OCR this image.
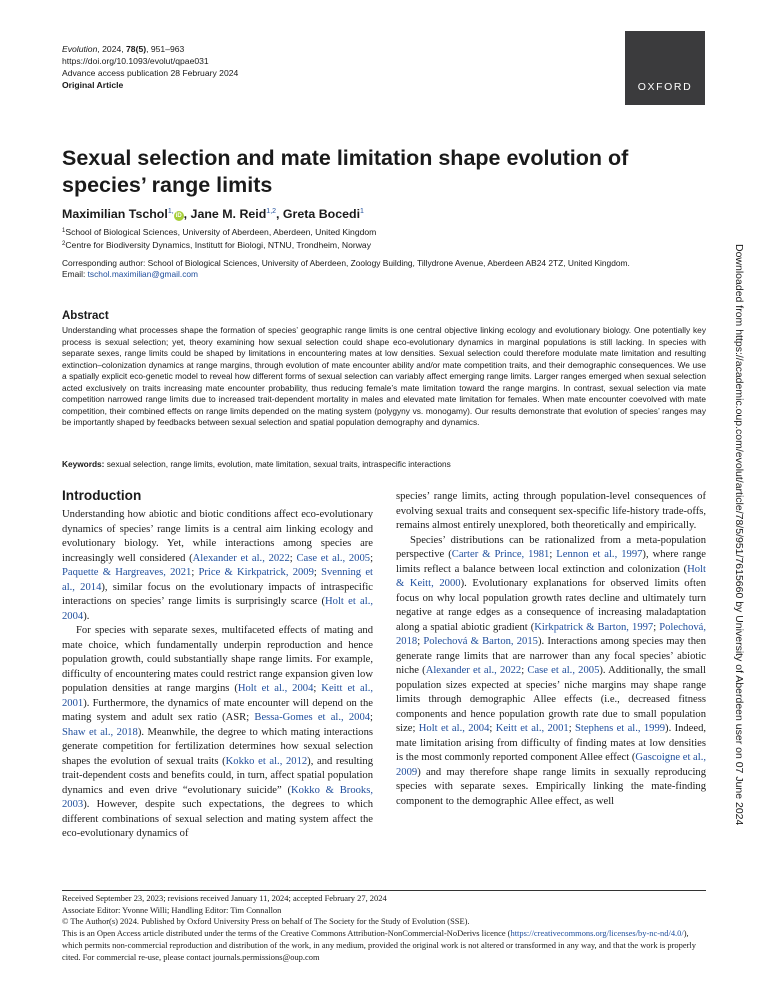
Evolution, 2024, 78(5), 951–963
https://doi.org/10.1093/evolut/qpae031
Advance access publication 28 February 2024
Original Article	OXFORD
Sexual selection and mate limitation shape evolution of species’ range limits
Maximilian Tschol$^{1,}$iD , Jane M. Reid$^{1,2}$, Greta Bocedi$^1$
$^1$School of Biological Sciences, University of Aberdeen, Aberdeen, United Kingdom
$^2$Centre for Biodiversity Dynamics, Institutt for Biologi, NTNU, Trondheim, Norway
Corresponding author: School of Biological Sciences, University of Aberdeen, Zoology Building, Tillydrone Avenue, Aberdeen AB24 2TZ, United Kingdom.
Email: tschol.maximilian@gmail.com	Downloaded from https://academic.oup.com/evolut/article/78/5/951/7615660 by University of Aberdeen user on 07 June 2024
Abstract

Understanding what processes shape the formation of species’ geographic range limits is one central objective linking ecology and evolutionary biology. One potentially key process is sexual selection; yet, theory examining how sexual selection could shape eco-evolutionary dynamics in marginal populations is still lacking. In species with separate sexes, range limits could be shaped by limitations in encountering mates at low densities. Sexual selection could therefore modulate mate limitation and resulting extinction–colonization dynamics at range margins, through evolution of mate encounter ability and/or mate competition traits, and their demographic consequences. We use a spatially explicit eco-genetic model to reveal how different forms of sexual selection can variably affect emerging range limits. Larger ranges emerged when sexual selection acted exclusively on traits increasing mate encounter probability, thus reducing female’s mate limitation toward the range margins. In contrast, sexual selection via mate competition narrowed range limits due to increased trait-dependent mortality in males and elevated mate limitation for females. When mate encounter coevolved with mate competition, their combined effects on range limits depended on the mating system (polygyny vs. monogamy). Our results demonstrate that evolution of species’ ranges may be importantly shaped by feedbacks between sexual selection and spatial population demography and dynamics.

Keywords: sexual selection, range limits, evolution, mate limitation, sexual traits, intraspecific interactions
Introduction

Understanding how abiotic and biotic conditions affect eco-evolutionary dynamics of species’ range limits is a central aim linking ecology and evolutionary biology. Yet, while interactions among species are increasingly well considered (Alexander et al., 2022; Case et al., 2005; Paquette & Hargreaves, 2021; Price & Kirkpatrick, 2009; Svenning et al., 2014), similar focus on the evolutionary impacts of intraspecific interactions on species’ range limits is surprisingly scarce (Holt et al., 2004).

For species with separate sexes, multifaceted effects of mating and mate choice, which fundamentally underpin reproduction and hence population growth, could substantially shape range limits. For example, difficulty of encountering mates could restrict range expansion given low population densities at range margins (Holt et al., 2004; Keitt et al., 2001). Furthermore, the dynamics of mate encounter will depend on the mating system and adult sex ratio (ASR; Bessa-Gomes et al., 2004; Shaw et al., 2018). Meanwhile, the degree to which mating interactions generate competition for fertilization determines how sexual selection shapes the evolution of sexual traits (Kokko et al., 2012), and resulting trait-dependent costs and benefits could, in turn, affect spatial population dynamics and even drive “evolutionary suicide” (Kokko & Brooks, 2003). However, despite such expectations, the degrees to which different combinations of sexual selection and mating system affect the eco-evolutionary dynamics of

species’ range limits, acting through population-level consequences of evolving sexual traits and consequent sex-specific life-history trade-offs, remains almost entirely unexplored, both theoretically and empirically.

Species’ distributions can be rationalized from a meta-population perspective (Carter & Prince, 1981; Lennon et al., 1997), where range limits reflect a balance between local extinction and colonization (Holt & Keitt, 2000). Evolutionary explanations for observed limits often focus on why local population growth rates decline and ultimately turn negative at range edges as a consequence of increasing maladaptation along a spatial abiotic gradient (Kirkpatrick & Barton, 1997; Polechová, 2018; Polechová & Barton, 2015). Interactions among species may then generate range limits that are narrower than any focal species’ abiotic niche (Alexander et al., 2022; Case et al., 2005). Additionally, the small population sizes expected at species’ niche margins may shape range limits through demographic Allee effects (i.e., decreased fitness components and hence population growth rate due to small population size; Holt et al., 2004; Keitt et al., 2001; Stephens et al., 1999). Indeed, mate limitation arising from difficulty of finding mates at low densities is the most commonly reported component Allee effect (Gascoigne et al., 2009) and may therefore shape range limits in sexually reproducing species with separate sexes. Empirically linking the mate-finding component to the demographic Allee effect, as well

Received September 23, 2023; revisions received January 11, 2024; accepted February 27, 2024
Associate Editor: Yvonne Willi; Handling Editor: Tim Connallon
© The Author(s) 2024. Published by Oxford University Press on behalf of The Society for the Study of Evolution (SSE).
This is an Open Access article distributed under the terms of the Creative Commons Attribution-NonCommercial-NoDerivs licence (https://creativecommons.org/licenses/by-nc-nd/4.0/), which permits non-commercial reproduction and distribution of the work, in any medium, provided the original work is not altered or transformed in any way, and that the work is properly cited. For commercial re-use, please contact journals.permissions@oup.com
